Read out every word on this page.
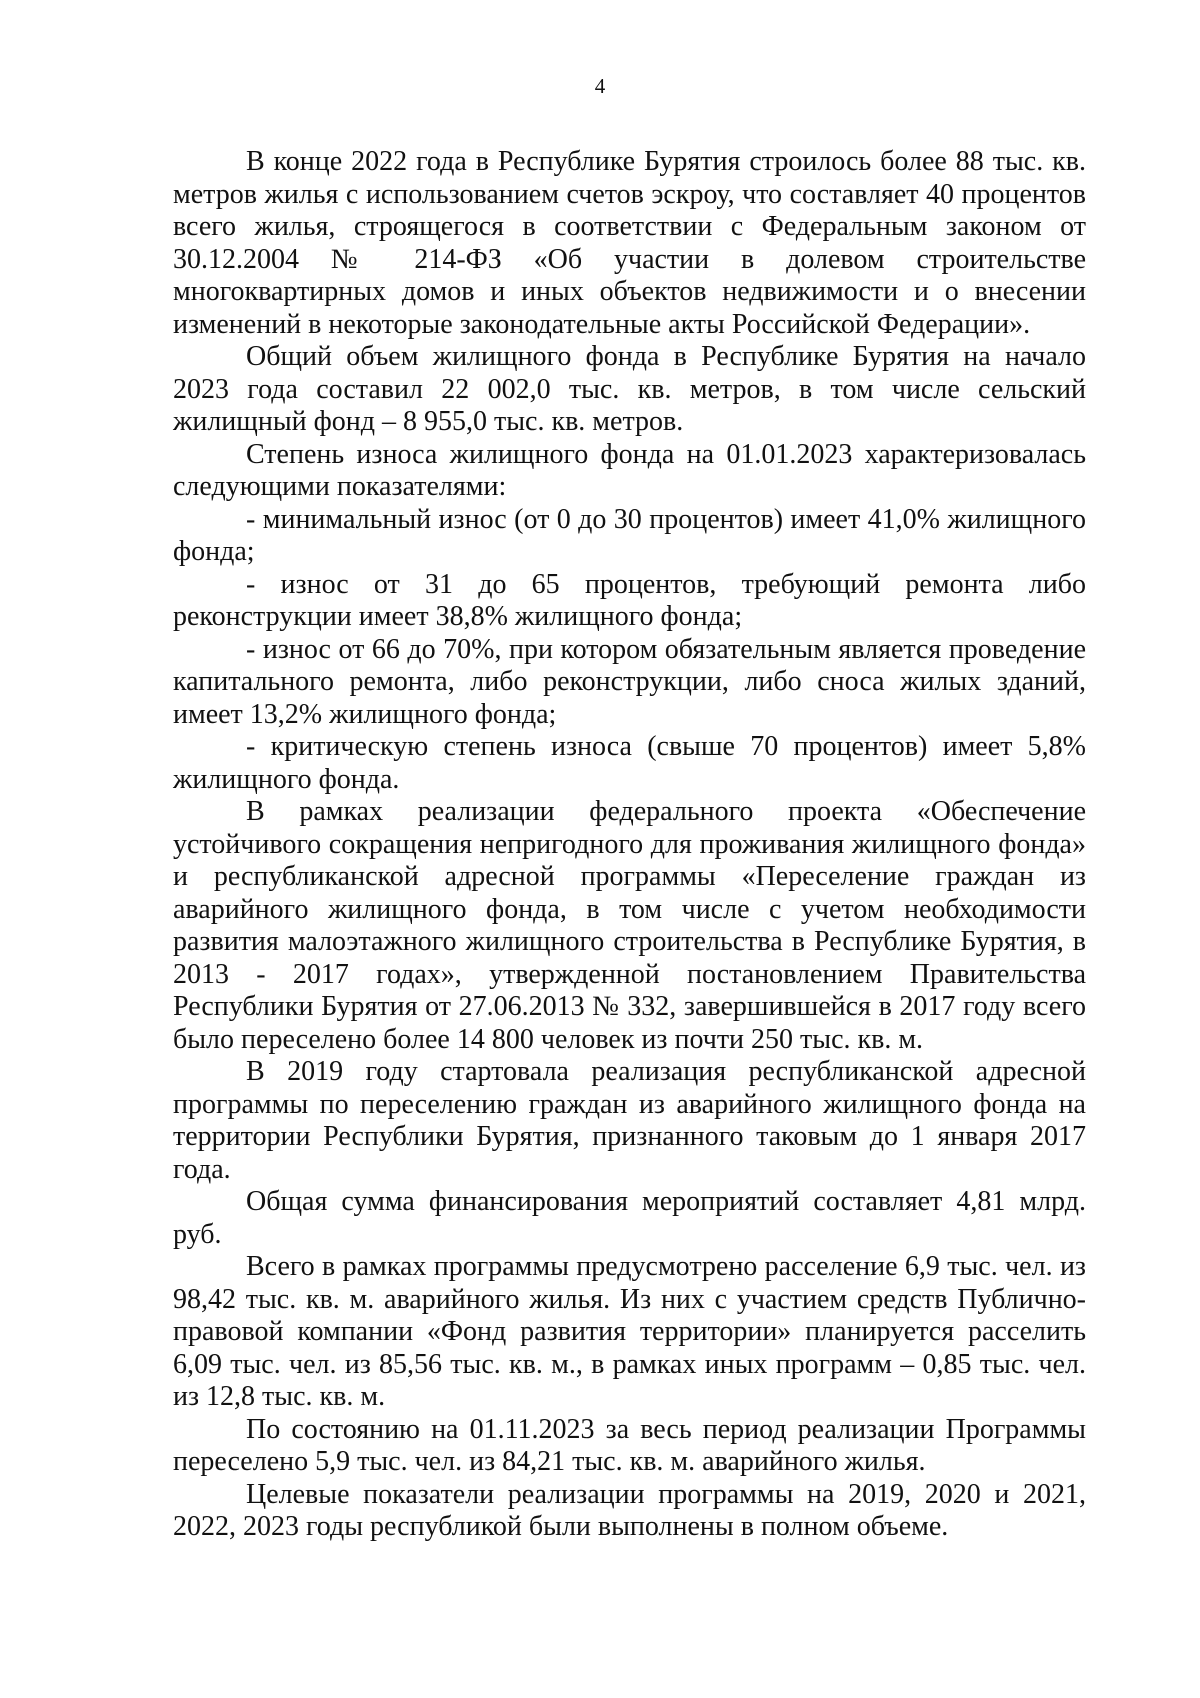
4

В конце 2022 года в Республике Бурятия строилось более 88 тыс. кв. метров жилья с использованием счетов эскроу, что составляет 40 процентов всего жилья, строящегося в соответствии с Федеральным законом от 30.12.2004 № 214-ФЗ «Об участии в долевом строительстве многоквартирных домов и иных объектов недвижимости и о внесении изменений в некоторые законодательные акты Российской Федерации».

Общий объем жилищного фонда в Республике Бурятия на начало 2023 года составил 22 002,0 тыс. кв. метров, в том числе сельский жилищный фонд – 8 955,0 тыс. кв. метров.

Степень износа жилищного фонда на 01.01.2023 характеризовалась следующими показателями:

- минимальный износ (от 0 до 30 процентов) имеет 41,0% жилищного фонда;

- износ от 31 до 65 процентов, требующий ремонта либо реконструкции имеет 38,8% жилищного фонда;

- износ от 66 до 70%, при котором обязательным является проведение капитального ремонта, либо реконструкции, либо сноса жилых зданий, имеет 13,2% жилищного фонда;

- критическую степень износа (свыше 70 процентов) имеет 5,8% жилищного фонда.

В рамках реализации федерального проекта «Обеспечение устойчивого сокращения непригодного для проживания жилищного фонда» и республиканской адресной программы «Переселение граждан из аварийного жилищного фонда, в том числе с учетом необходимости развития малоэтажного жилищного строительства в Республике Бурятия, в 2013 - 2017 годах», утвержденной постановлением Правительства Республики Бурятия от 27.06.2013 № 332, завершившейся в 2017 году всего было переселено более 14 800 человек из почти 250 тыс. кв. м.

В 2019 году стартовала реализация республиканской адресной программы по переселению граждан из аварийного жилищного фонда на территории Республики Бурятия, признанного таковым до 1 января 2017 года.

Общая сумма финансирования мероприятий составляет 4,81 млрд. руб.

Всего в рамках программы предусмотрено расселение 6,9 тыс. чел. из 98,42 тыс. кв. м. аварийного жилья. Из них с участием средств Публично-правовой компании «Фонд развития территории» планируется расселить 6,09 тыс. чел. из 85,56 тыс. кв. м., в рамках иных программ – 0,85 тыс. чел. из 12,8 тыс. кв. м.

По состоянию на 01.11.2023 за весь период реализации Программы переселено 5,9 тыс. чел. из 84,21 тыс. кв. м. аварийного жилья.

Целевые показатели реализации программы на 2019, 2020 и 2021, 2022, 2023 годы республикой были выполнены в полном объеме.
